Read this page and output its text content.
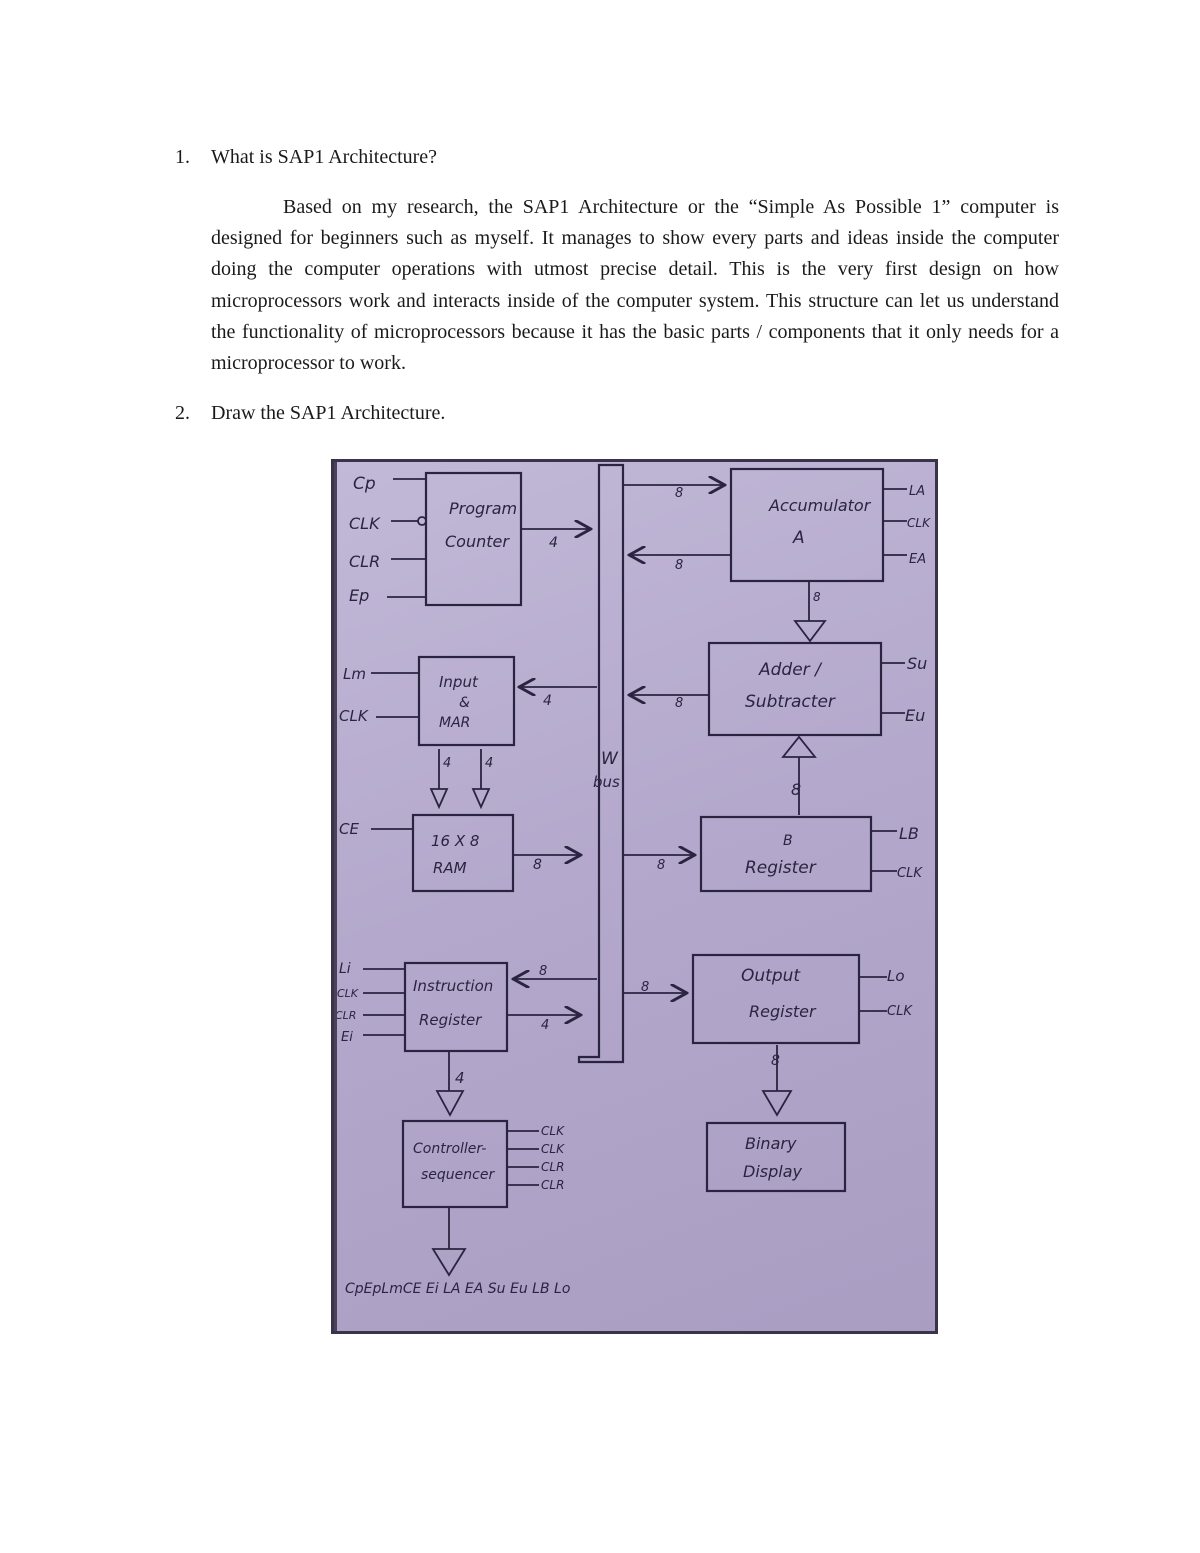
1. What is SAP1 Architecture?

Based on my research, the SAP1 Architecture or the “Simple As Possible 1” computer is designed for beginners such as myself. It manages to show every parts and ideas inside the computer doing the computer operations with utmost precise detail. This is the very first design on how microprocessors work and interacts inside of the computer system. This structure can let us understand the functionality of microprocessors because it has the basic parts / components that it only needs for a microprocessor to work.

2. Draw the SAP1 Architecture.
W
bus
Program
Counter
Cp
CLK
CLR
Ep
4
Input
&
MAR
Lm
CLK
4
4	4
16 X 8
RAM
CE
8
Instruction
Register
Li
CLK
CLR
Ei
8
4
4
Controller-
sequencer
CLK
CLK
CLR
CLR
CpEpLmCE Ei LA EA Su Eu LB Lo
Accumulator
A
8
8
LA
CLK
EA
8
Adder /
Subtracter
8
Su
Eu
8
B
Register
8
LB
CLK
Output
Register
8
Lo
CLK
8
Binary
Display
